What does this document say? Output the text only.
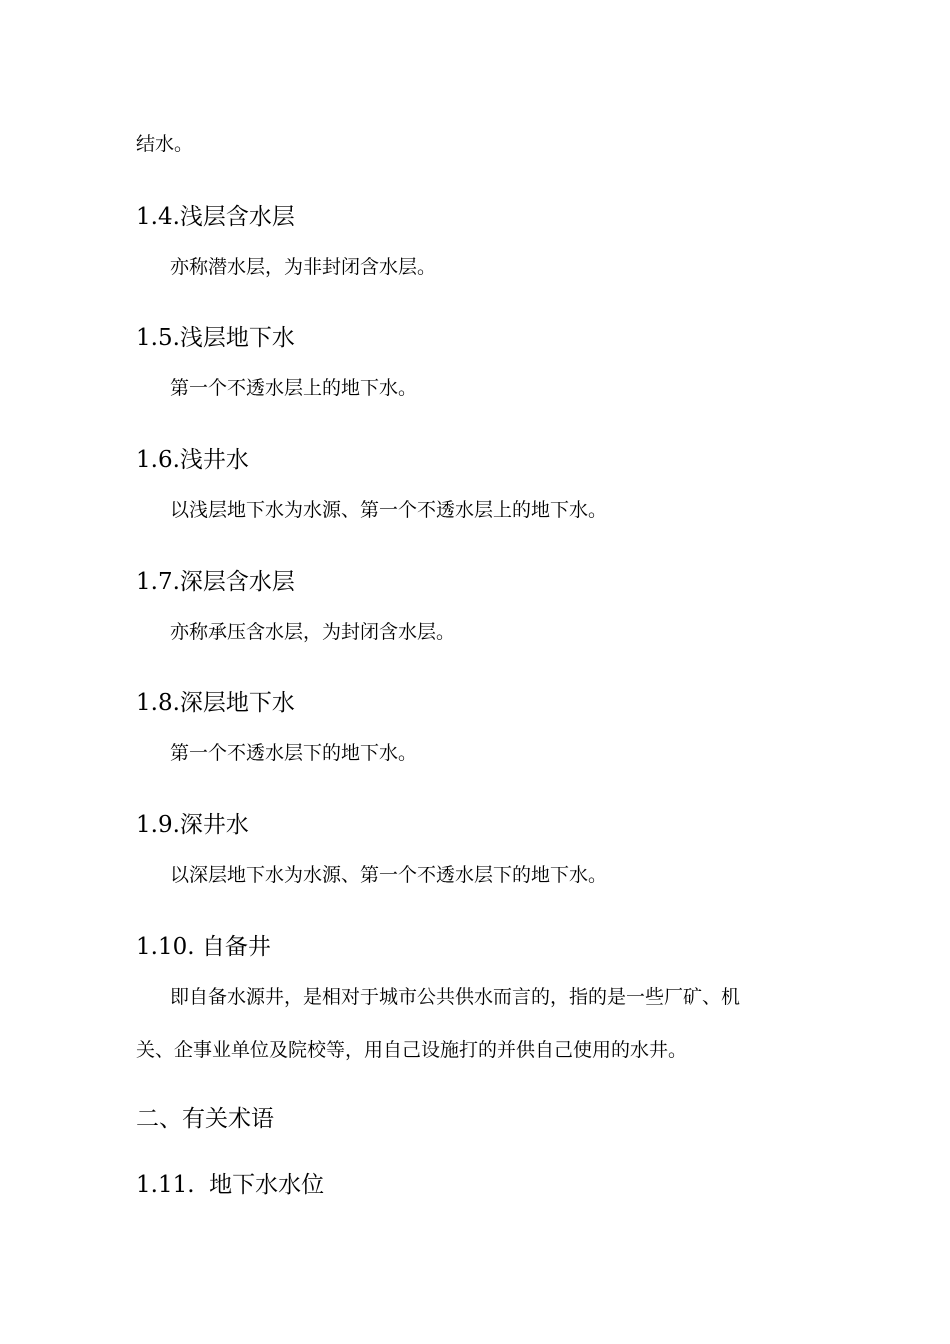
结水。
1.4.浅层含水层
亦称潜水层，为非封闭含水层。
1.5.浅层地下水
第一个不透水层上的地下水。
1.6.浅井水
以浅层地下水为水源、第一个不透水层上的地下水。
1.7.深层含水层
亦称承压含水层，为封闭含水层。
1.8.深层地下水
第一个不透水层下的地下水。
1.9.深井水
以深层地下水为水源、第一个不透水层下的地下水。
1.10. 自备井
即自备水源井，是相对于城市公共供水而言的，指的是一些厂矿、机
关、企事业单位及院校等，用自己设施打的并供自己使用的水井。
二、有关术语
1.11.  地下水水位
